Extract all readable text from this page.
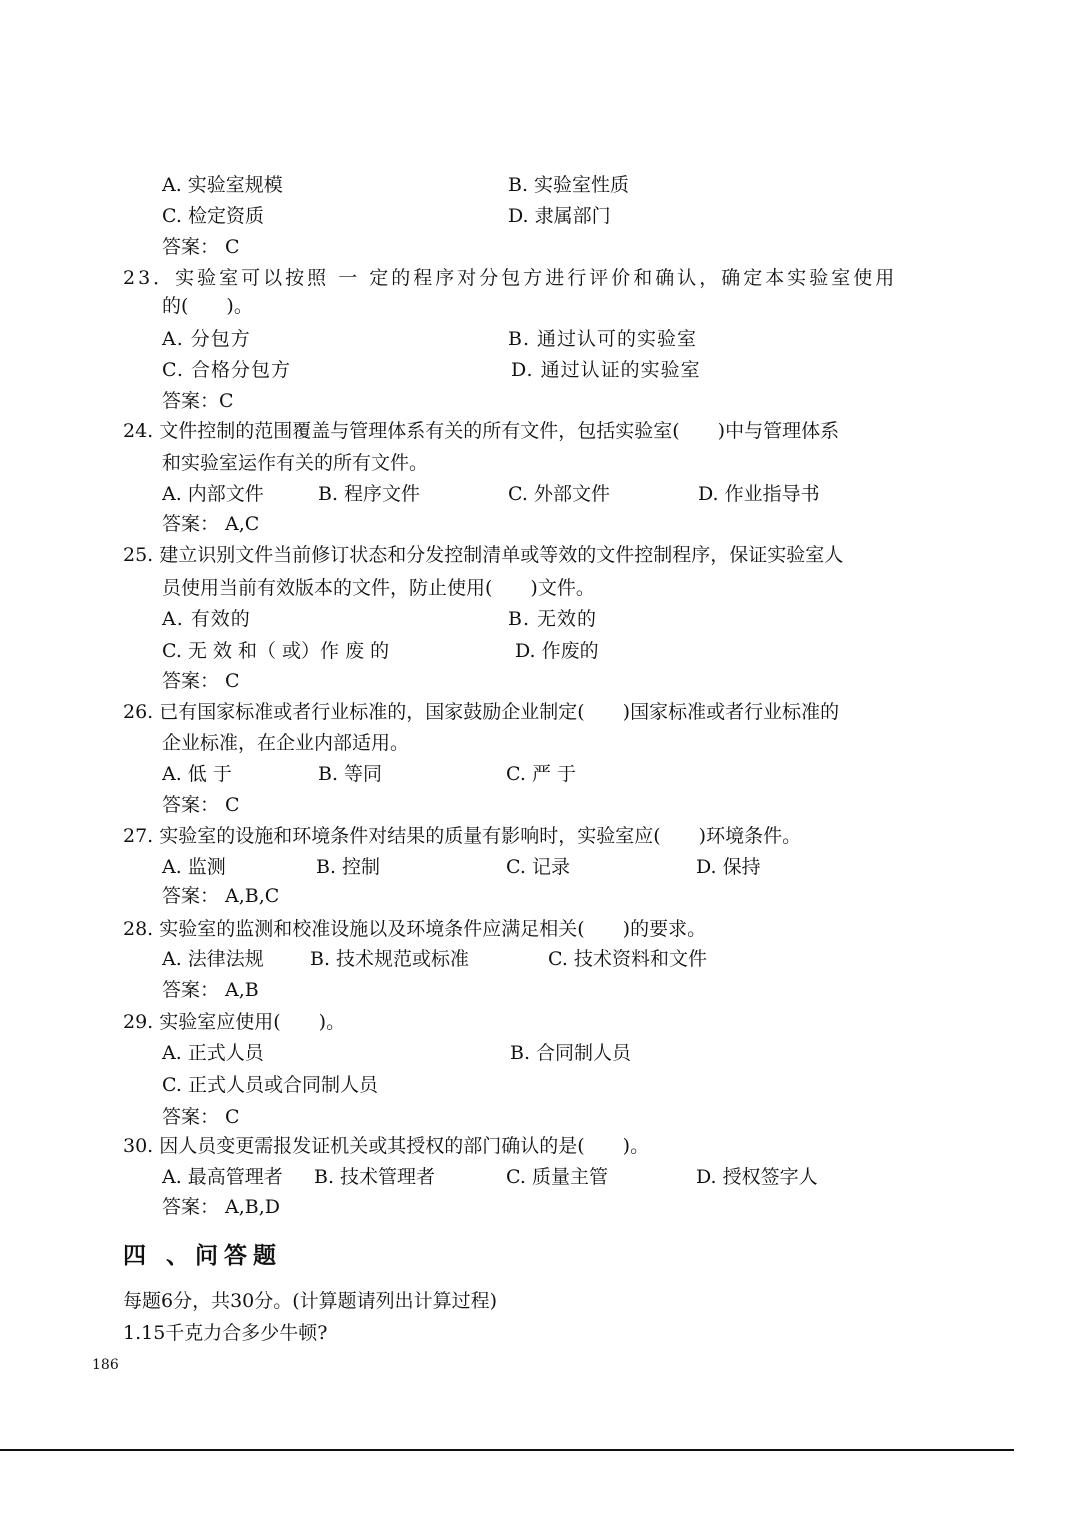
A. 实验室规模	B. 实验室性质
C. 检定资质	D. 隶属部门
答案： C
23．实验室可以按照 一 定的程序对分包方进行评价和确认，确定本实验室使用
的(　　)。
A. 分包方	B. 通过认可的实验室
C. 合格分包方	D. 通过认证的实验室
答案：C
24. 文件控制的范围覆盖与管理体系有关的所有文件，包括实验室(　　)中与管理体系
和实验室运作有关的所有文件。
A. 内部文件	B. 程序文件	C. 外部文件	D. 作业指导书
答案： A,C
25. 建立识别文件当前修订状态和分发控制清单或等效的文件控制程序，保证实验室人
员使用当前有效版本的文件，防止使用(　　)文件。
A. 有效的	B. 无效的
C. 无 效 和（ 或）作 废 的	D. 作废的
答案： C
26. 已有国家标准或者行业标准的，国家鼓励企业制定(　　)国家标准或者行业标准的
企业标准，在企业内部适用。
A. 低 于	B. 等同	C. 严 于
答案： C
27. 实验室的设施和环境条件对结果的质量有影响时，实验室应(　　)环境条件。
A. 监测	B. 控制	C. 记录	D. 保持
答案： A,B,C
28. 实验室的监测和校准设施以及环境条件应满足相关(　　)的要求。
A. 法律法规 B. 技术规范或标准	C. 技术资料和文件
答案： A,B
29. 实验室应使用(　　)。
A. 正式人员	B. 合同制人员
C. 正式人员或合同制人员
答案： C
30. 因人员变更需报发证机关或其授权的部门确认的是(　　)。
A. 最高管理者 B. 技术管理者	C. 质量主管	D. 授权签字人
答案： A,B,D
四 、问答题
每题6分，共30分。(计算题请列出计算过程)
1.15千克力合多少牛顿?
186
